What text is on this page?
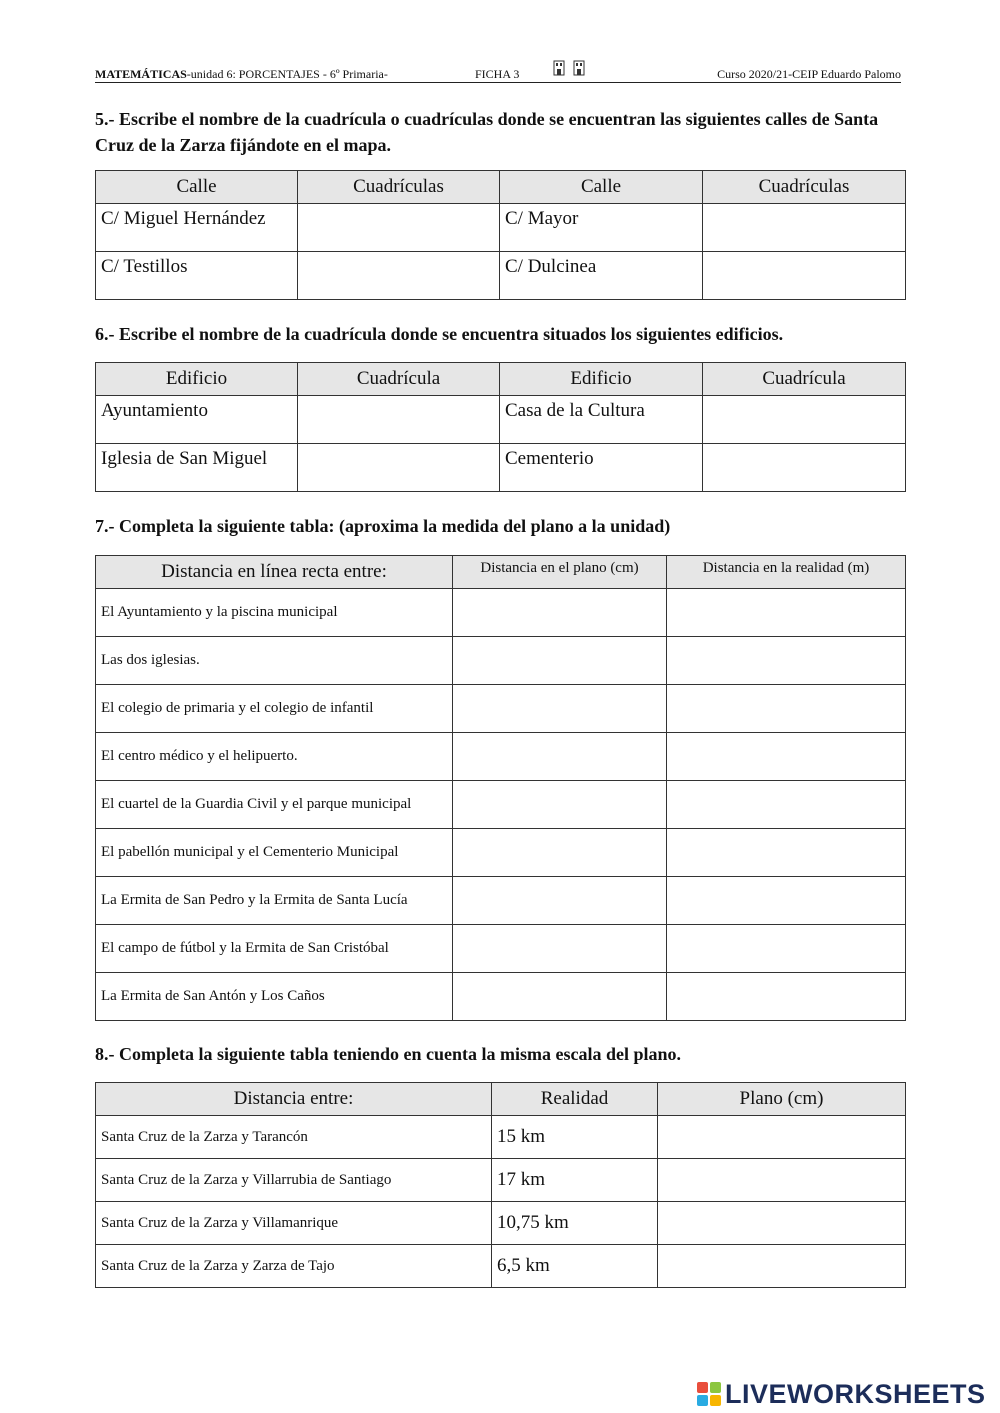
MATEMÁTICAS-unidad 6: PORCENTAJES - 6º Primaria-	FICHA 3	Curso 2020/21-CEIP Eduardo Palomo

5.- Escribe el nombre de la cuadrícula o cuadrículas donde se encuentran las siguientes calles de Santa Cruz de la Zarza fijándote en el mapa.

Calle	Cuadrículas	Calle	Cuadrículas
C/ Miguel Hernández		C/ Mayor	
C/ Testillos		C/ Dulcinea	

6.- Escribe el nombre de la cuadrícula donde se encuentra situados los siguientes edificios.

Edificio	Cuadrícula	Edificio	Cuadrícula
Ayuntamiento		Casa de la Cultura	
Iglesia de San Miguel		Cementerio	

7.- Completa la siguiente tabla: (aproxima la medida del plano a la unidad)

Distancia en línea recta entre:	Distancia en el plano (cm)	Distancia en la realidad (m)
El Ayuntamiento y la piscina municipal		
Las dos iglesias.		
El colegio de primaria y el colegio de infantil		
El centro médico y el helipuerto.		
El cuartel de la Guardia Civil y el parque municipal		
El pabellón municipal y el Cementerio Municipal		
La Ermita de San Pedro y la Ermita de Santa Lucía		
El campo de fútbol y la Ermita de San Cristóbal		
La Ermita de San Antón y Los Caños		

8.- Completa la siguiente tabla teniendo en cuenta la misma escala del plano.

Distancia entre:	Realidad	Plano (cm)
Santa Cruz de la Zarza y Tarancón	15 km	
Santa Cruz de la Zarza y Villarrubia de Santiago	17 km	
Santa Cruz de la Zarza y Villamanrique	10,75 km	
Santa Cruz de la Zarza y Zarza de Tajo	6,5 km	
LIVEWORKSHEETS
